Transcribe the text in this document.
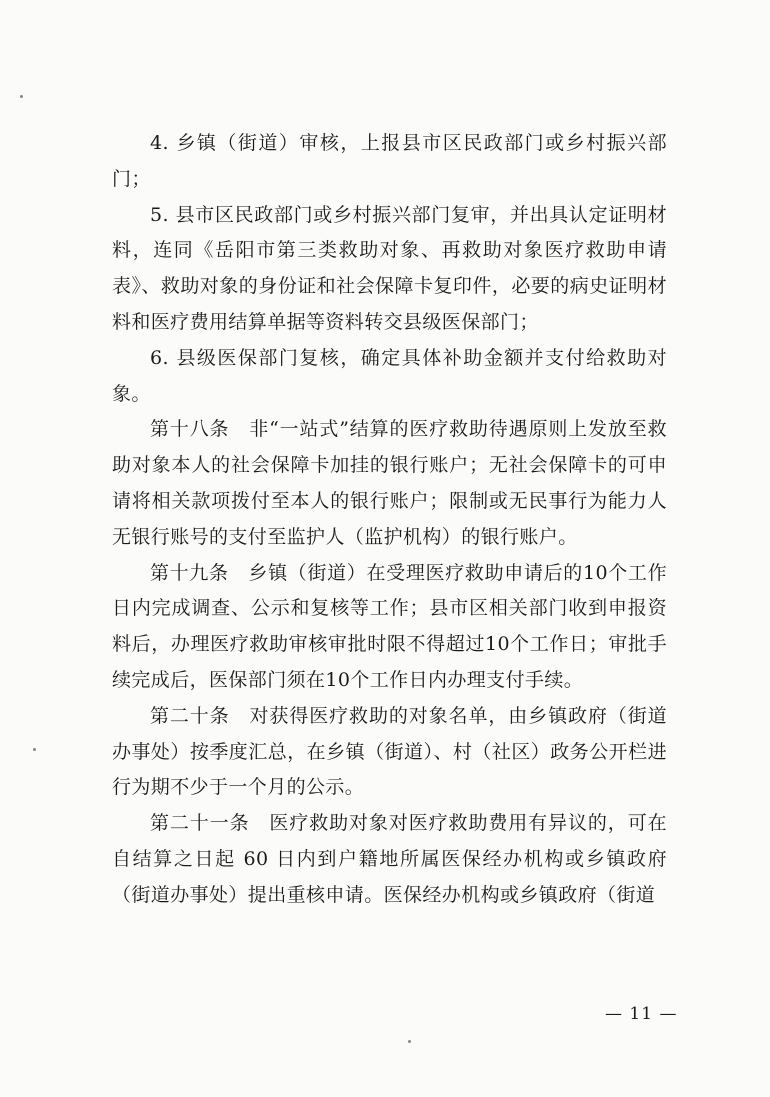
4. 乡镇（街道）审核，上报县市区民政部门或乡村振兴部门；

5. 县市区民政部门或乡村振兴部门复审，并出具认定证明材料，连同《岳阳市第三类救助对象、再救助对象医疗救助申请表》、救助对象的身份证和社会保障卡复印件，必要的病史证明材料和医疗费用结算单据等资料转交县级医保部门；

6. 县级医保部门复核，确定具体补助金额并支付给救助对象。

第十八条　非“一站式”结算的医疗救助待遇原则上发放至救助对象本人的社会保障卡加挂的银行账户；无社会保障卡的可申请将相关款项拨付至本人的银行账户；限制或无民事行为能力人无银行账号的支付至监护人（监护机构）的银行账户。

第十九条　乡镇（街道）在受理医疗救助申请后的10个工作日内完成调查、公示和复核等工作；县市区相关部门收到申报资料后，办理医疗救助审核审批时限不得超过10个工作日；审批手续完成后，医保部门须在10个工作日内办理支付手续。

第二十条　对获得医疗救助的对象名单，由乡镇政府（街道办事处）按季度汇总，在乡镇（街道）、村（社区）政务公开栏进行为期不少于一个月的公示。

第二十一条　医疗救助对象对医疗救助费用有异议的，可在自结算之日起 60 日内到户籍地所属医保经办机构或乡镇政府（街道办事处）提出重核申请。医保经办机构或乡镇政府（街道

— 11 —
